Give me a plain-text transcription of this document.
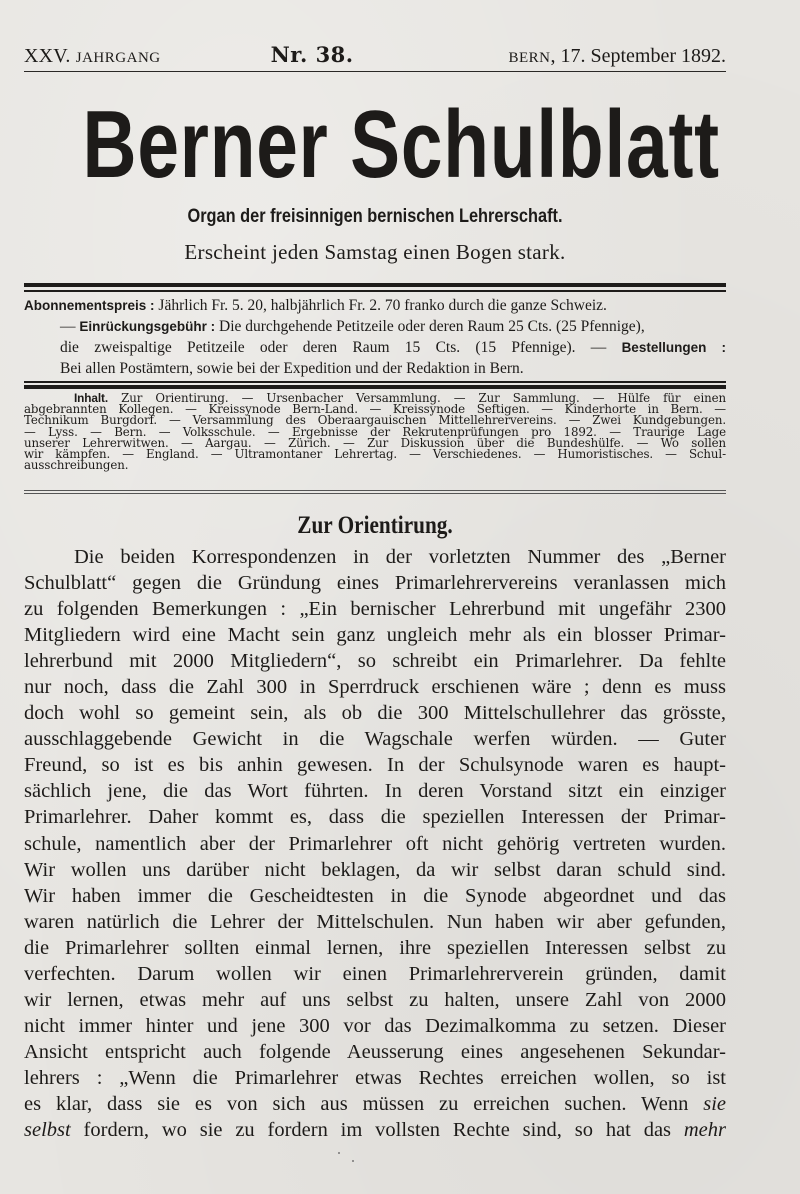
XXV. JAHRGANG	Nr. 38.	BERN, 17. September 1892.
Berner Schulblatt
Organ der freisinnigen bernischen Lehrerschaft.
Erscheint jeden Samstag einen Bogen stark.

Abonnementspreis : Jährlich Fr. 5. 20, halbjährlich Fr. 2. 70 franko durch die ganze Schweiz.

— Einrückungsgebühr : Die durchgehende Petitzeile oder deren Raum 25 Cts. (25 Pfennige),

die zweispaltige Petitzeile oder deren Raum 15 Cts. (15 Pfennige). — Bestellungen :

Bei allen Postämtern, sowie bei der Expedition und der Redaktion in Bern.

Inhalt. Zur Orientirung. — Ursenbacher Versammlung. — Zur Sammlung. — Hülfe für einen
abgebrannten Kollegen. — Kreissynode Bern-Land. — Kreissynode Seftigen. — Kinderhorte in Bern. —
Technikum Burgdorf. — Versammlung des Oberaargauischen Mittellehrervereins. — Zwei Kundgebungen.
— Lyss. — Bern. — Volksschule. — Ergebnisse der Rekrutenprüfungen pro 1892. — Traurige Lage
unserer Lehrerwitwen. — Aargau. — Zürich. — Zur Diskussion über die Bundeshülfe. — Wo sollen
wir kämpfen. — England. — Ultramontaner Lehrertag. — Verschiedenes. — Humoristisches. — Schul-
ausschreibungen.
Zur Orientirung.
Die beiden Korrespondenzen in der vorletzten Nummer des „Berner
Schulblatt“ gegen die Gründung eines Primarlehrervereins veranlassen mich
zu folgenden Bemerkungen : „Ein bernischer Lehrerbund mit ungefähr 2300
Mitgliedern wird eine Macht sein ganz ungleich mehr als ein blosser Primar-
lehrerbund mit 2000 Mitgliedern“, so schreibt ein Primarlehrer. Da fehlte
nur noch, dass die Zahl 300 in Sperrdruck erschienen wäre ; denn es muss
doch wohl so gemeint sein, als ob die 300 Mittelschullehrer das grösste,
ausschlaggebende Gewicht in die Wagschale werfen würden. — Guter
Freund, so ist es bis anhin gewesen. In der Schulsynode waren es haupt-
sächlich jene, die das Wort führten. In deren Vorstand sitzt ein einziger
Primarlehrer. Daher kommt es, dass die speziellen Interessen der Primar-
schule, namentlich aber der Primarlehrer oft nicht gehörig vertreten wurden.
Wir wollen uns darüber nicht beklagen, da wir selbst daran schuld sind.
Wir haben immer die Gescheidtesten in die Synode abgeordnet und das
waren natürlich die Lehrer der Mittelschulen. Nun haben wir aber gefunden,
die Primarlehrer sollten einmal lernen, ihre speziellen Interessen selbst zu
verfechten. Darum wollen wir einen Primarlehrerverein gründen, damit
wir lernen, etwas mehr auf uns selbst zu halten, unsere Zahl von 2000
nicht immer hinter und jene 300 vor das Dezimalkomma zu setzen. Dieser
Ansicht entspricht auch folgende Aeusserung eines angesehenen Sekundar-
lehrers : „Wenn die Primarlehrer etwas Rechtes erreichen wollen, so ist
es klar, dass sie es von sich aus müssen zu erreichen suchen. Wenn sie
selbst fordern, wo sie zu fordern im vollsten Rechte sind, so hat das mehr
